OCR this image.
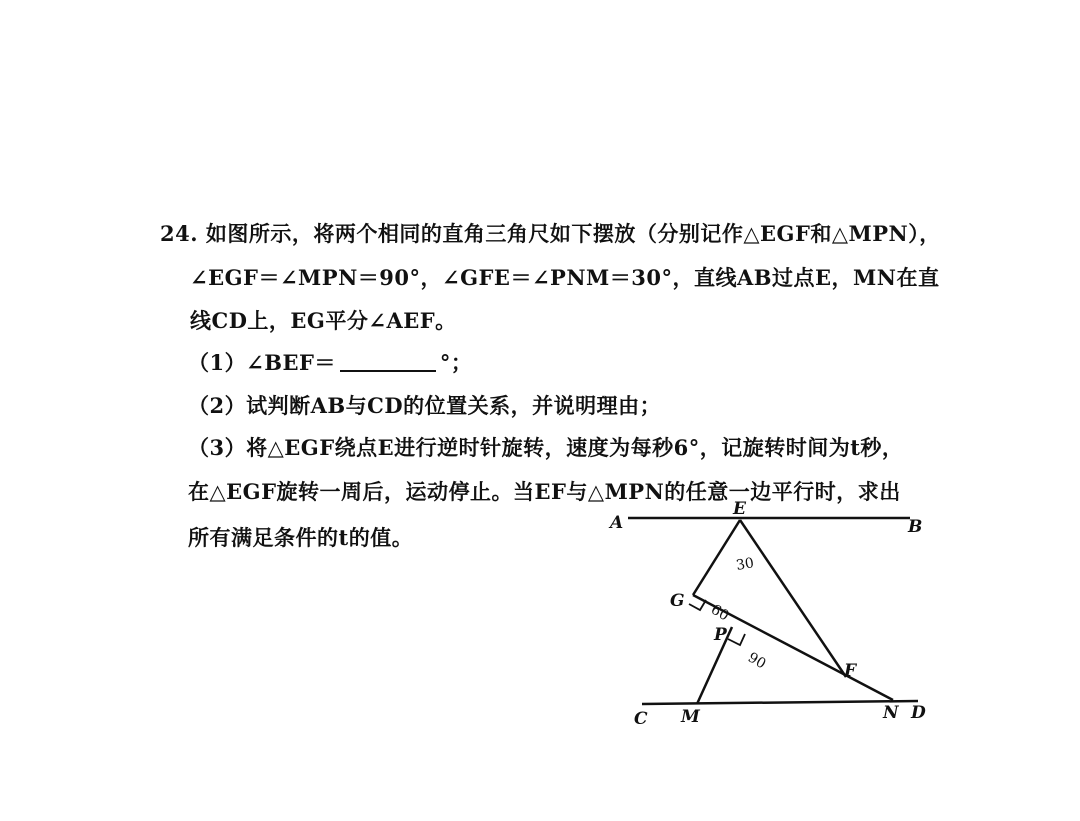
24. 如图所示，将两个相同的直角三角尺如下摆放（分别记作△EGF和△MPN），
∠EGF＝∠MPN＝90°，∠GFE＝∠PNM＝30°，直线AB过点E，MN在直
线CD上，EG平分∠AEF。
（1）∠BEF＝	°；
（2）试判断AB与CD的位置关系，并说明理由；
（3）将△EGF绕点E进行逆时针旋转，速度为每秒6°，记旋转时间为t秒，
在△EGF旋转一周后，运动停止。当EF与△MPN的任意一边平行时，求出
所有满足条件的t的值。
A
E
B
G
P
F
C M	N D
30
60
90
